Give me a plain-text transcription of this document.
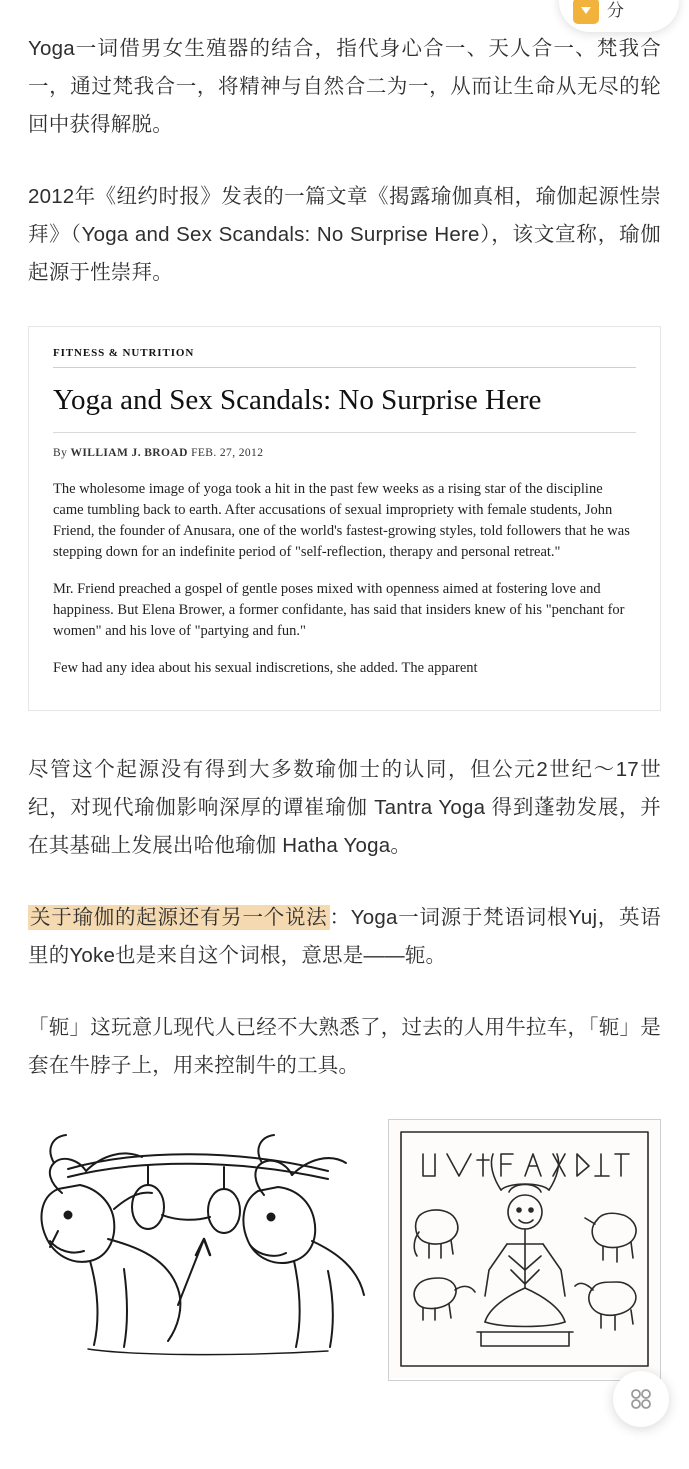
分

Yoga一词借男女生殖器的结合，指代身心合一、天人合一、梵我合一，通过梵我合一，将精神与自然合二为一，从而让生命从无尽的轮回中获得解脱。

2012年《纽约时报》发表的一篇文章《揭露瑜伽真相，瑜伽起源性崇拜》（Yoga and Sex Scandals: No Surprise Here），该文宣称，瑜伽起源于性崇拜。

FITNESS & NUTRITION
Yoga and Sex Scandals: No Surprise Here
By WILLIAM J. BROAD FEB. 27, 2012

The wholesome image of yoga took a hit in the past few weeks as a rising star of the discipline came tumbling back to earth. After accusations of sexual impropriety with female students, John Friend, the founder of Anusara, one of the world's fastest-growing styles, told followers that he was stepping down for an indefinite period of "self-reflection, therapy and personal retreat."

Mr. Friend preached a gospel of gentle poses mixed with openness aimed at fostering love and happiness. But Elena Brower, a former confidante, has said that insiders knew of his "penchant for women" and his love of "partying and fun."

Few had any idea about his sexual indiscretions, she added. The apparent

尽管这个起源没有得到大多数瑜伽士的认同，但公元2世纪～17世纪，对现代瑜伽影响深厚的谭崔瑜伽 Tantra Yoga 得到蓬勃发展，并在其基础上发展出哈他瑜伽 Hatha Yoga。

关于瑜伽的起源还有另一个说法：Yoga一词源于梵语词根Yuj，英语里的Yoke也是来自这个词根，意思是——轭。

「轭」这玩意儿现代人已经不大熟悉了，过去的人用牛拉车，「轭」是套在牛脖子上，用来控制牛的工具。
